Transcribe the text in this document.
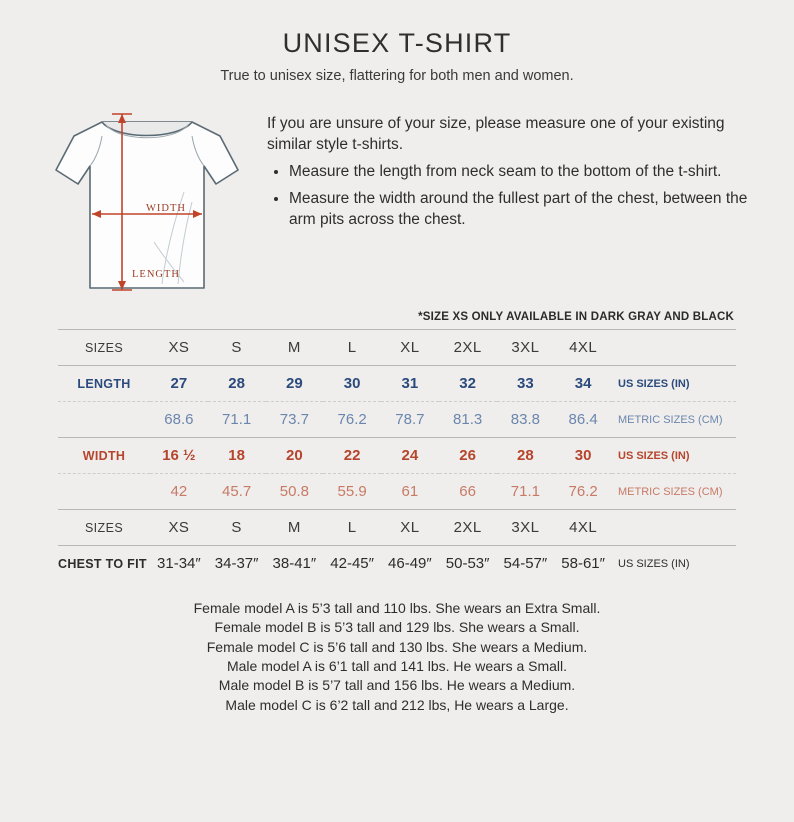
UNISEX T-SHIRT

True to unisex size, flattering for both men and women.

WIDTH
LENGTH

If you are unsure of your size, please measure one of your existing similar style t-shirts.

• Measure the length from neck seam to the bottom of the t-shirt.
• Measure the width around the fullest part of the chest, between the arm pits across the chest.
*SIZE XS ONLY AVAILABLE IN DARK GRAY AND BLACK
SIZES	XS	S	M	L	XL	2XL	3XL	4XL	
LENGTH	27	28	29	30	31	32	33	34	US SIZES (IN)
	68.6	71.1	73.7	76.2	78.7	81.3	83.8	86.4	METRIC SIZES (CM)
WIDTH	16 ½	18	20	22	24	26	28	30	US SIZES (IN)
	42	45.7	50.8	55.9	61	66	71.1	76.2	METRIC SIZES (CM)
SIZES	XS	S	M	L	XL	2XL	3XL	4XL	
CHEST TO FIT	31-34″	34-37″	38-41″	42-45″	46-49″	50-53″	54-57″	58-61″	US SIZES (IN)
Female model A is 5’3 tall and 110 lbs. She wears an Extra Small.
Female model B is 5’3 tall and 129 lbs. She wears a Small.
Female model C is 5’6 tall and 130 lbs. She wears a Medium.
Male model A is 6’1 tall and 141 lbs. He wears a Small.
Male model B is 5’7 tall and 156 lbs. He wears a Medium.
Male model C is 6’2 tall and 212 lbs, He wears a Large.
